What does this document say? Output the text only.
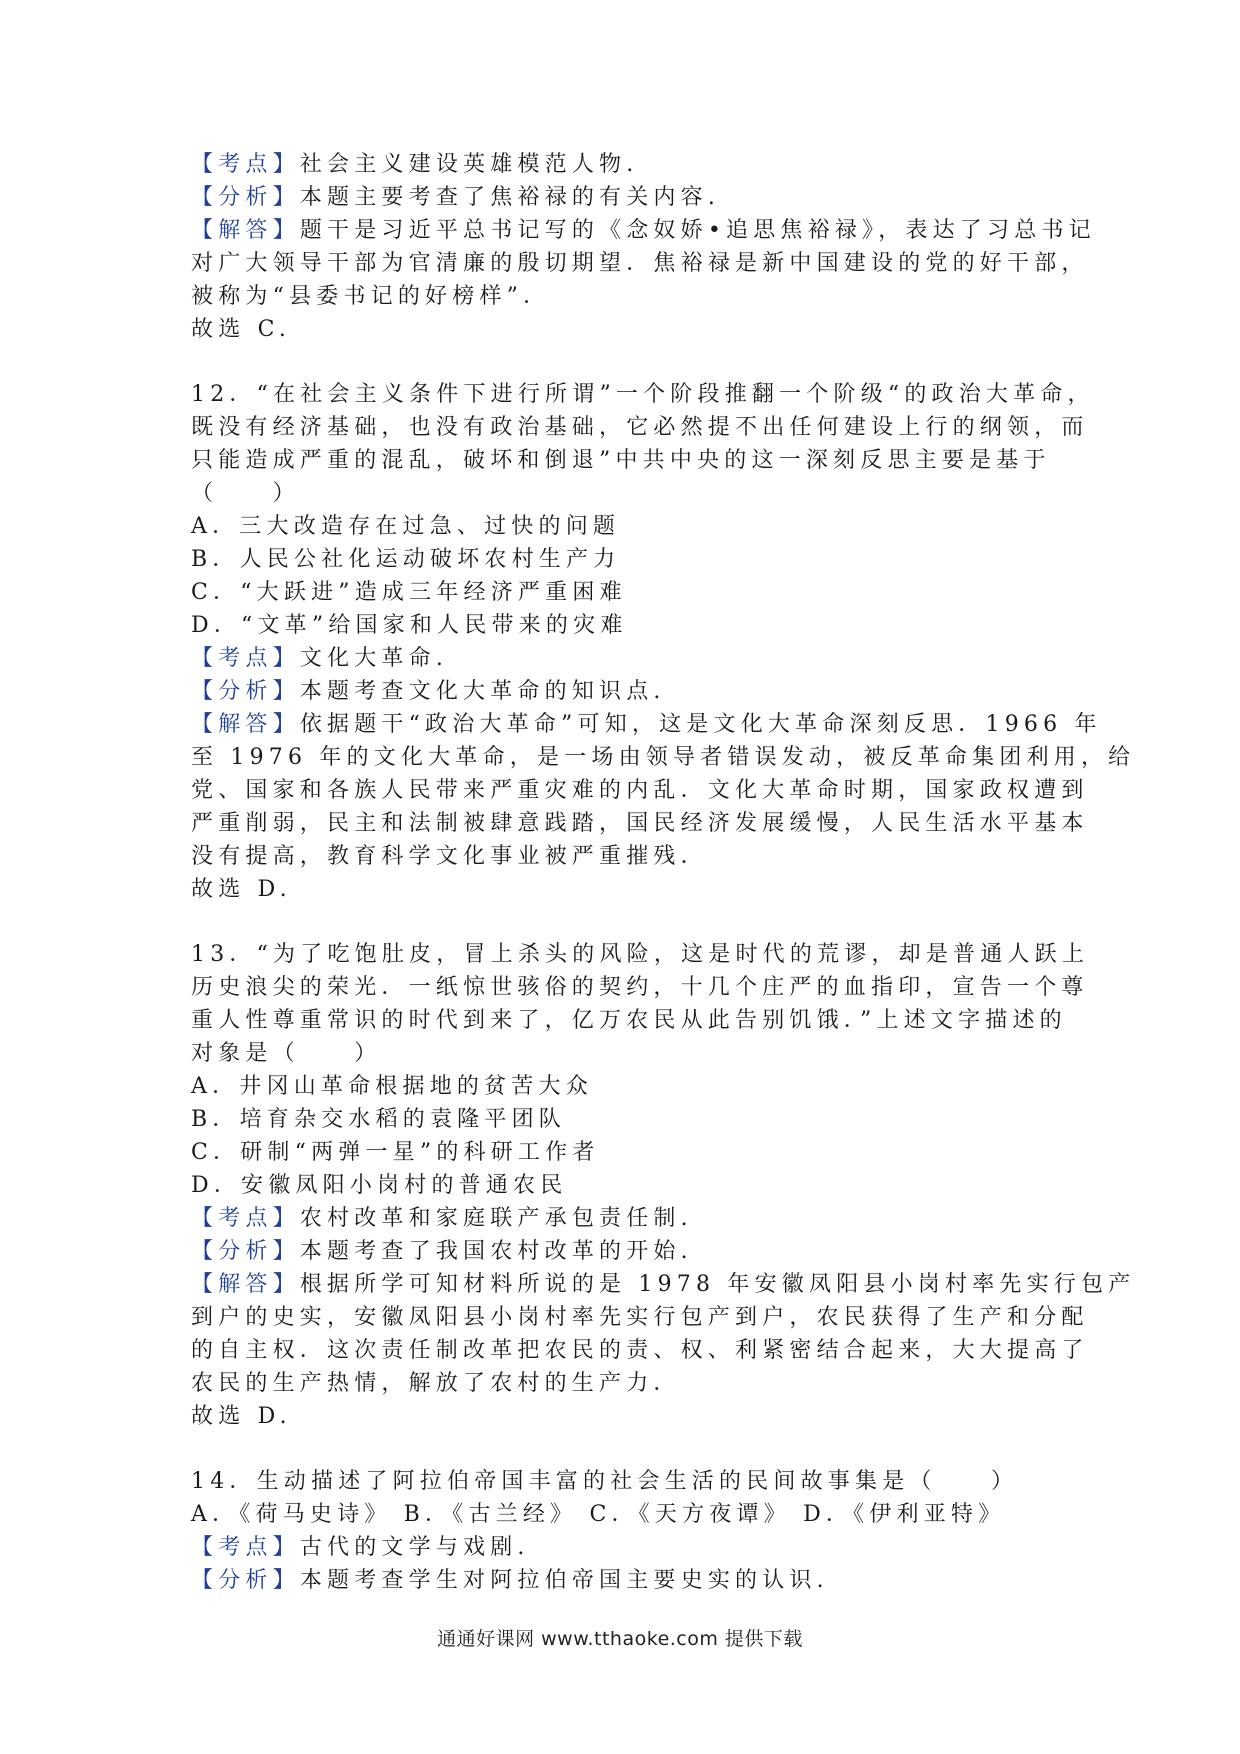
【考点】社会主义建设英雄模范人物.
【分析】本题主要考查了焦裕禄的有关内容.
【解答】题干是习近平总书记写的《念奴娇•追思焦裕禄》，表达了习总书记
对广大领导干部为官清廉的殷切期望．焦裕禄是新中国建设的党的好干部，
被称为“县委书记的好榜样”．
故选 C.
12．“在社会主义条件下进行所谓”一个阶段推翻一个阶级“的政治大革命，
既没有经济基础，也没有政治基础，它必然提不出任何建设上行的纲领，而
只能造成严重的混乱，破坏和倒退”中共中央的这一深刻反思主要是基于
（　　）
A．三大改造存在过急、过快的问题
B．人民公社化运动破坏农村生产力
C．“大跃进”造成三年经济严重困难
D．“文革”给国家和人民带来的灾难
【考点】文化大革命.
【分析】本题考查文化大革命的知识点.
【解答】依据题干“政治大革命”可知，这是文化大革命深刻反思．1966 年
至 1976 年的文化大革命，是一场由领导者错误发动，被反革命集团利用，给
党、国家和各族人民带来严重灾难的内乱．文化大革命时期，国家政权遭到
严重削弱，民主和法制被肆意践踏，国民经济发展缓慢，人民生活水平基本
没有提高，教育科学文化事业被严重摧残．
故选 D.
13．“为了吃饱肚皮，冒上杀头的风险，这是时代的荒谬，却是普通人跃上
历史浪尖的荣光．一纸惊世骇俗的契约，十几个庄严的血指印，宣告一个尊
重人性尊重常识的时代到来了，亿万农民从此告别饥饿．”上述文字描述的
对象是（　　）
A．井冈山革命根据地的贫苦大众
B．培育杂交水稻的袁隆平团队
C．研制“两弹一星”的科研工作者
D．安徽凤阳小岗村的普通农民
【考点】农村改革和家庭联产承包责任制.
【分析】本题考查了我国农村改革的开始.
【解答】根据所学可知材料所说的是 1978 年安徽凤阳县小岗村率先实行包产
到户的史实，安徽凤阳县小岗村率先实行包产到户，农民获得了生产和分配
的自主权．这次责任制改革把农民的责、权、利紧密结合起来，大大提高了
农民的生产热情，解放了农村的生产力．
故选 D.
14．生动描述了阿拉伯帝国丰富的社会生活的民间故事集是（　　）
A．《荷马史诗》 B．《古兰经》 C．《天方夜谭》 D．《伊利亚特》
【考点】古代的文学与戏剧.
【分析】本题考查学生对阿拉伯帝国主要史实的认识.
通通好课网 www.tthaoke.com 提供下载
